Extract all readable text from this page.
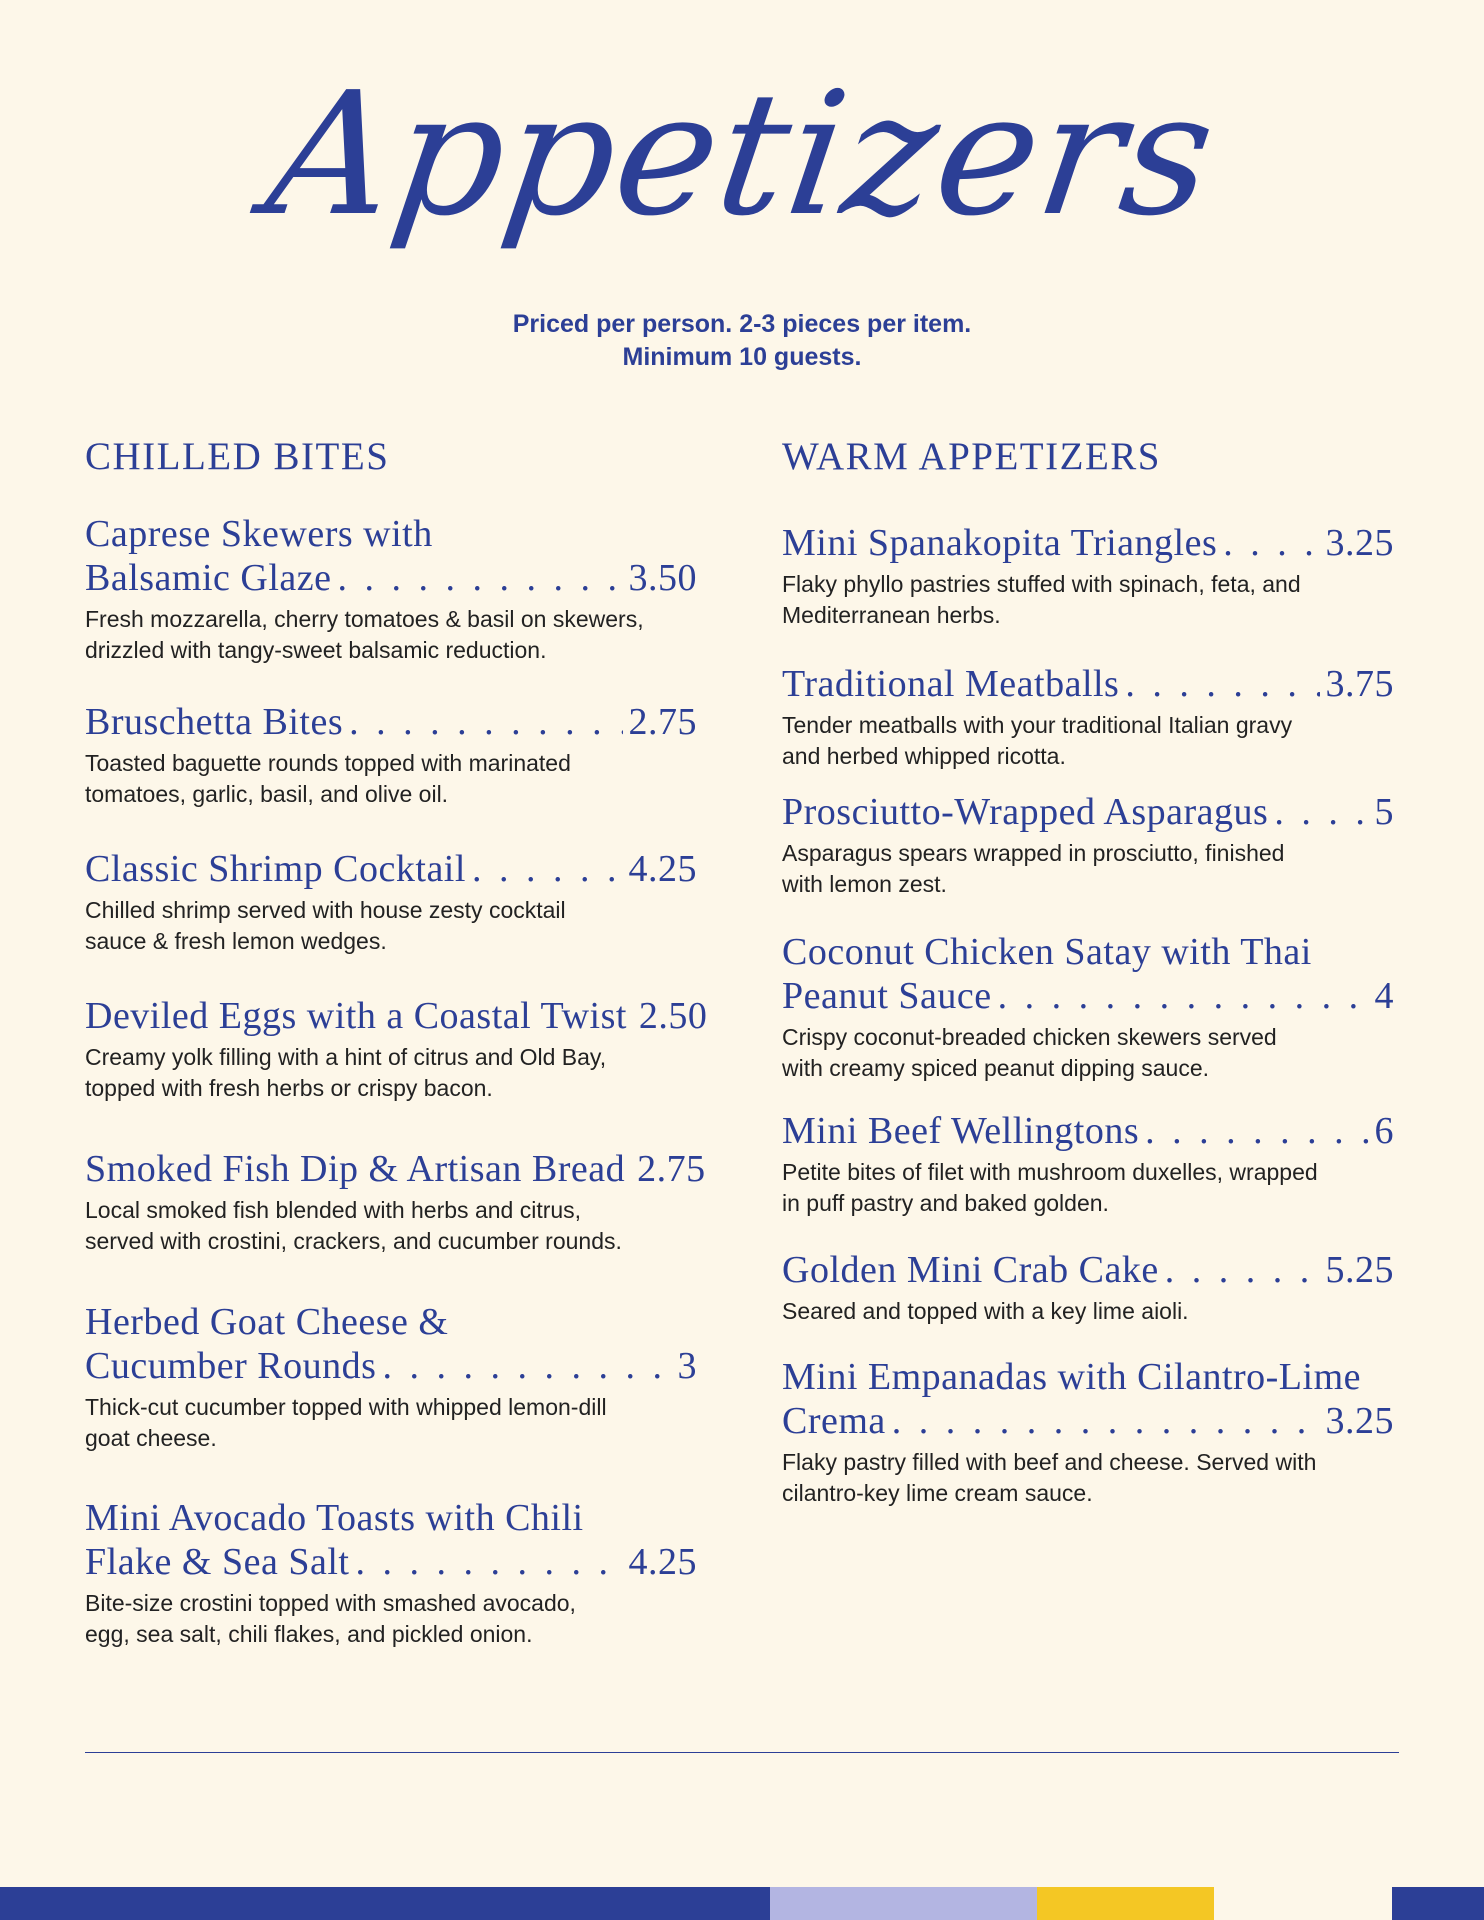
Appetizers
Priced per person. 2-3 pieces per item.
Minimum 10 guests.
CHILLED BITES
Caprese Skewers with
Balsamic Glaze . . .	3.50
Fresh mozzarella, cherry tomatoes & basil on skewers,
drizzled with tangy-sweet balsamic reduction.
Bruschetta Bites . . .	2.75
Toasted baguette rounds topped with marinated
tomatoes, garlic, basil, and olive oil.
Classic Shrimp Cocktail . . .	4.25
Chilled shrimp served with house zesty cocktail
sauce & fresh lemon wedges.
Deviled Eggs with a Coastal Twist 2.50
Creamy yolk filling with a hint of citrus and Old Bay,
topped with fresh herbs or crispy bacon.
Smoked Fish Dip & Artisan Bread 2.75
Local smoked fish blended with herbs and citrus,
served with crostini, crackers, and cucumber rounds.
Herbed Goat Cheese &
Cucumber Rounds . . .	3
Thick-cut cucumber topped with whipped lemon-dill
goat cheese.
Mini Avocado Toasts with Chili
Flake & Sea Salt . . .	4.25
Bite-size crostini topped with smashed avocado,
egg, sea salt, chili flakes, and pickled onion.
WARM APPETIZERS
Mini Spanakopita Triangles . . .	3.25
Flaky phyllo pastries stuffed with spinach, feta, and
Mediterranean herbs.
Traditional Meatballs . . .	3.75
Tender meatballs with your traditional Italian gravy
and herbed whipped ricotta.
Prosciutto-Wrapped Asparagus . . .	5
Asparagus spears wrapped in prosciutto, finished
with lemon zest.
Coconut Chicken Satay with Thai
Peanut Sauce . . .	4
Crispy coconut-breaded chicken skewers served
with creamy spiced peanut dipping sauce.
Mini Beef Wellingtons . . .	6
Petite bites of filet with mushroom duxelles, wrapped
in puff pastry and baked golden.
Golden Mini Crab Cake . . .	5.25
Seared and topped with a key lime aioli.
Mini Empanadas with Cilantro-Lime
Crema . . .	3.25
Flaky pastry filled with beef and cheese. Served with
cilantro-key lime cream sauce.
